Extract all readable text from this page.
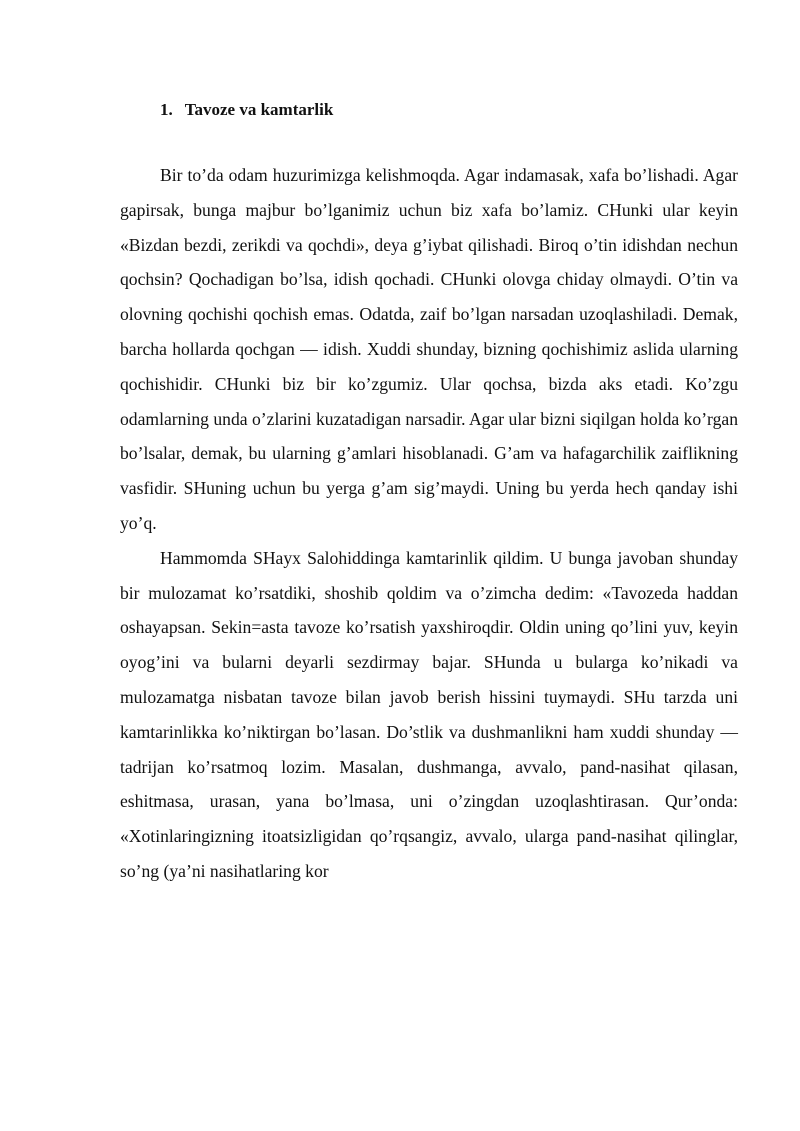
1. Tavoze va kamtarlik

Bir to’da odam huzurimizga kelishmoqda. Agar indamasak, xafa bo’lishadi. Agar gapirsak, bunga majbur bo’lganimiz uchun biz xafa bo’lamiz. CHunki ular keyin «Bizdan bezdi, zerikdi va qochdi», deya g’iybat qilishadi. Biroq o’tin idishdan nechun qochsin? Qochadigan bo’lsa, idish qochadi. CHunki olovga chiday olmaydi. O’tin va olovning qochishi qochish emas. Odatda, zaif bo’lgan narsadan uzoqlashiladi. Demak, barcha hollarda qochgan — idish. Xuddi shunday, bizning qochishimiz aslida ularning qochishidir. CHunki biz bir ko’zgumiz. Ular qochsa, bizda aks etadi. Ko’zgu odamlarning unda o’zlarini kuzatadigan narsadir. Agar ular bizni siqilgan holda ko’rgan bo’lsalar, demak, bu ularning g’amlari hisoblanadi. G’am va hafagarchilik zaiflikning vasfidir. SHuning uchun bu yerga g’am sig’maydi. Uning bu yerda hech qanday ishi yo’q.

Hammomda SHayx Salohiddinga kamtarinlik qildim. U bunga javoban shunday bir mulozamat ko’rsatdiki, shoshib qoldim va o’zimcha dedim: «Tavozeda haddan oshayapsan. Sekin=asta tavoze ko’rsatish yaxshiroqdir. Oldin uning qo’lini yuv, keyin oyog’ini va bularni deyarli sezdirmay bajar. SHunda u bularga ko’nikadi va mulozamatga nisbatan tavoze bilan javob berish hissini tuymaydi. SHu tarzda uni kamtarinlikka ko’niktirgan bo’lasan. Do’stlik va dushmanlikni ham xuddi shunday — tadrijan ko’rsatmoq lozim. Masalan, dushmanga, avvalo, pand-nasihat qilasan, eshitmasa, urasan, yana bo’lmasa, uni o’zingdan uzoqlashtirasan. Qur’onda: «Xotinlaringizning itoatsizligidan qo’rqsangiz, avvalo, ularga pand-nasihat qilinglar, so’ng (ya’ni nasihatlaring kor
